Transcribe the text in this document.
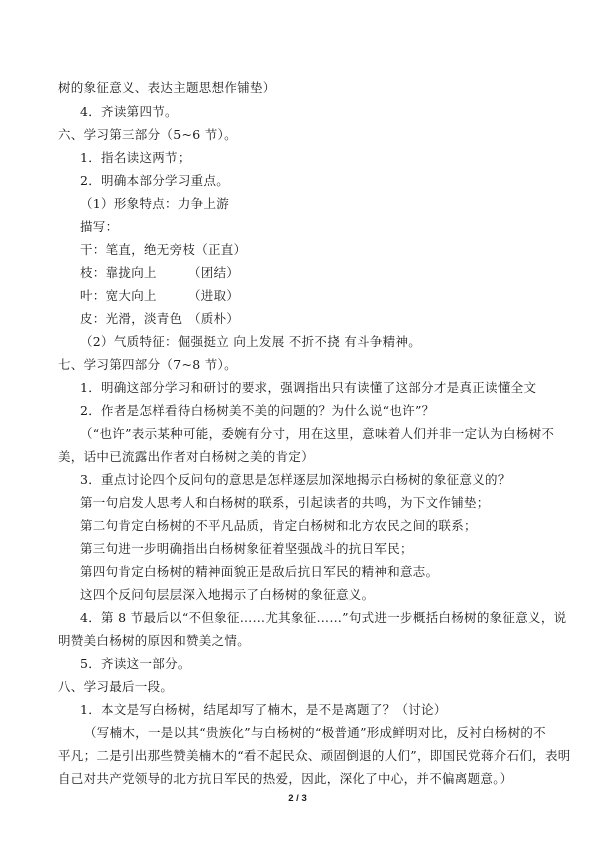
树的象征意义、表达主题思想作铺垫）
4．齐读第四节。
六、学习第三部分（5~6 节）。
1．指名读这两节；
2．明确本部分学习重点。
（1）形象特点：力争上游
描写：
干：笔直，绝无旁枝（正直）
枝：靠拢向上 （团结）
叶：宽大向上 （进取）
皮：光滑，淡青色 （质朴）
（2）气质特征：倔强挺立 向上发展 不折不挠 有斗争精神。
七、学习第四部分（7~8 节）。
1．明确这部分学习和研讨的要求，强调指出只有读懂了这部分才是真正读懂全文
2．作者是怎样看待白杨树美不美的问题的？为什么说“也许”？
（“也许”表示某种可能，委婉有分寸，用在这里，意味着人们并非一定认为白杨树不
美，话中已流露出作者对白杨树之美的肯定）
3．重点讨论四个反问句的意思是怎样逐层加深地揭示白杨树的象征意义的？
第一句启发人思考人和白杨树的联系，引起读者的共鸣，为下文作铺垫；
第二句肯定白杨树的不平凡品质，肯定白杨树和北方农民之间的联系；
第三句进一步明确指出白杨树象征着坚强战斗的抗日军民；
第四句肯定白杨树的精神面貌正是敌后抗日军民的精神和意志。
这四个反问句层层深入地揭示了白杨树的象征意义。
4．第 8 节最后以“不但象征……尤其象征……”句式进一步概括白杨树的象征意义，说
明赞美白杨树的原因和赞美之情。
5．齐读这一部分。
八、学习最后一段。
1．本文是写白杨树，结尾却写了楠木，是不是离题了？（讨论）
（写楠木，一是以其“贵族化”与白杨树的“极普通”形成鲜明对比，反衬白杨树的不
平凡；二是引出那些赞美楠木的“看不起民众、顽固倒退的人们”，即国民党蒋介石们，表明
自己对共产党领导的北方抗日军民的热爱，因此，深化了中心，并不偏离题意。）
2 / 3
